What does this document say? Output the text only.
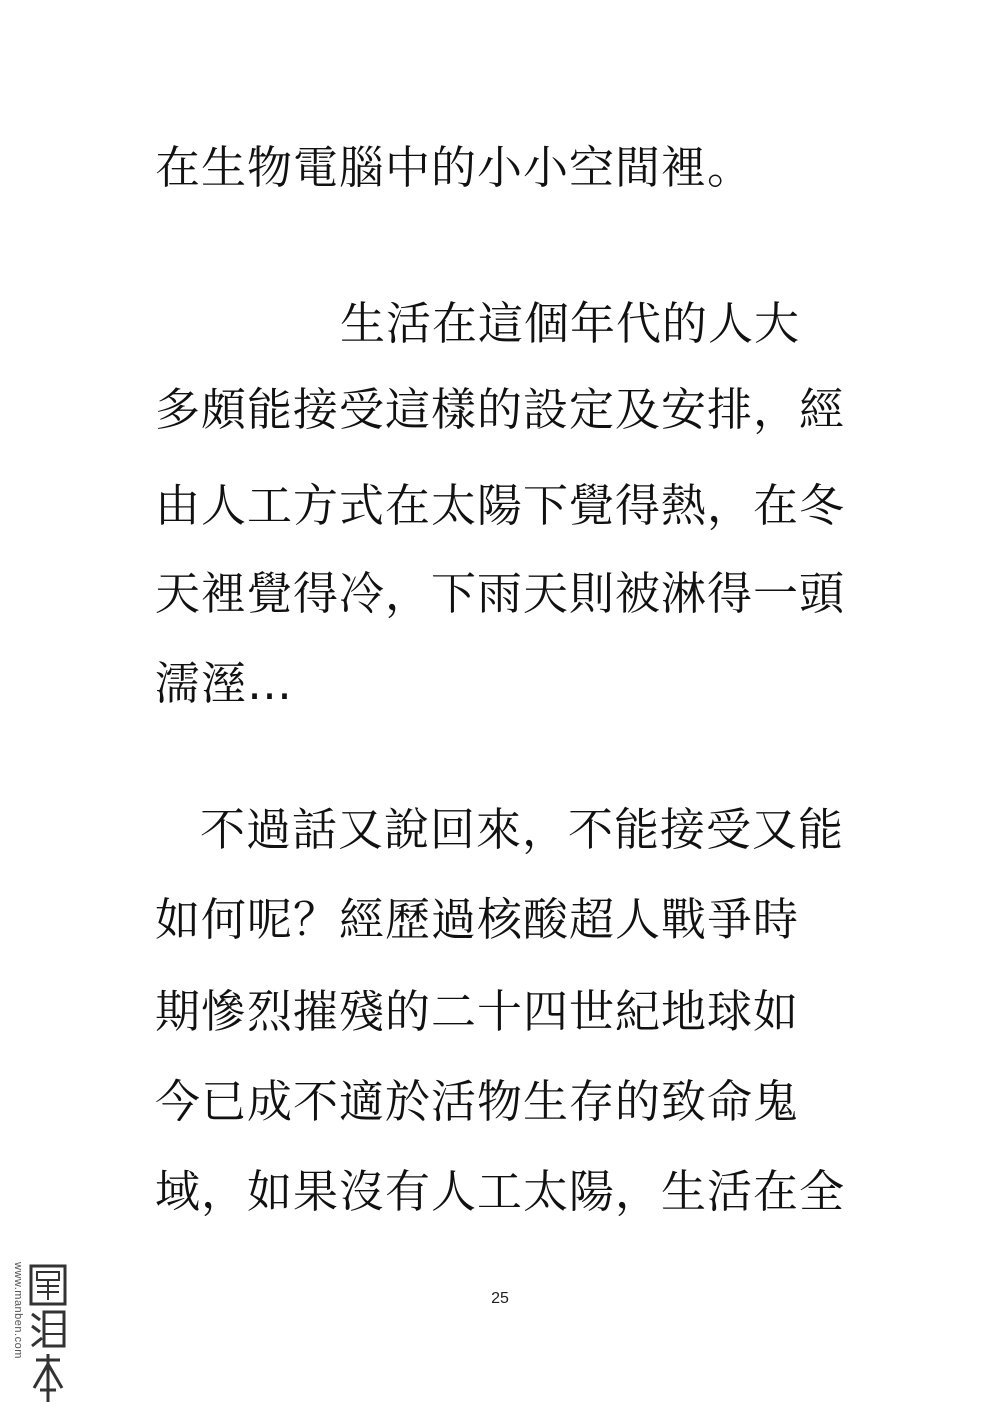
在生物電腦中的小小空間裡。
生活在這個年代的人大
多頗能接受這樣的設定及安排，經
由人工方式在太陽下覺得熱，在冬
天裡覺得冷，下雨天則被淋得一頭
濡溼…
不過話又說回來，不能接受又能
如何呢？經歷過核酸超人戰爭時
期慘烈摧殘的二十四世紀地球如
今已成不適於活物生存的致命鬼
域，如果沒有人工太陽，生活在全
25
www.manben.com
